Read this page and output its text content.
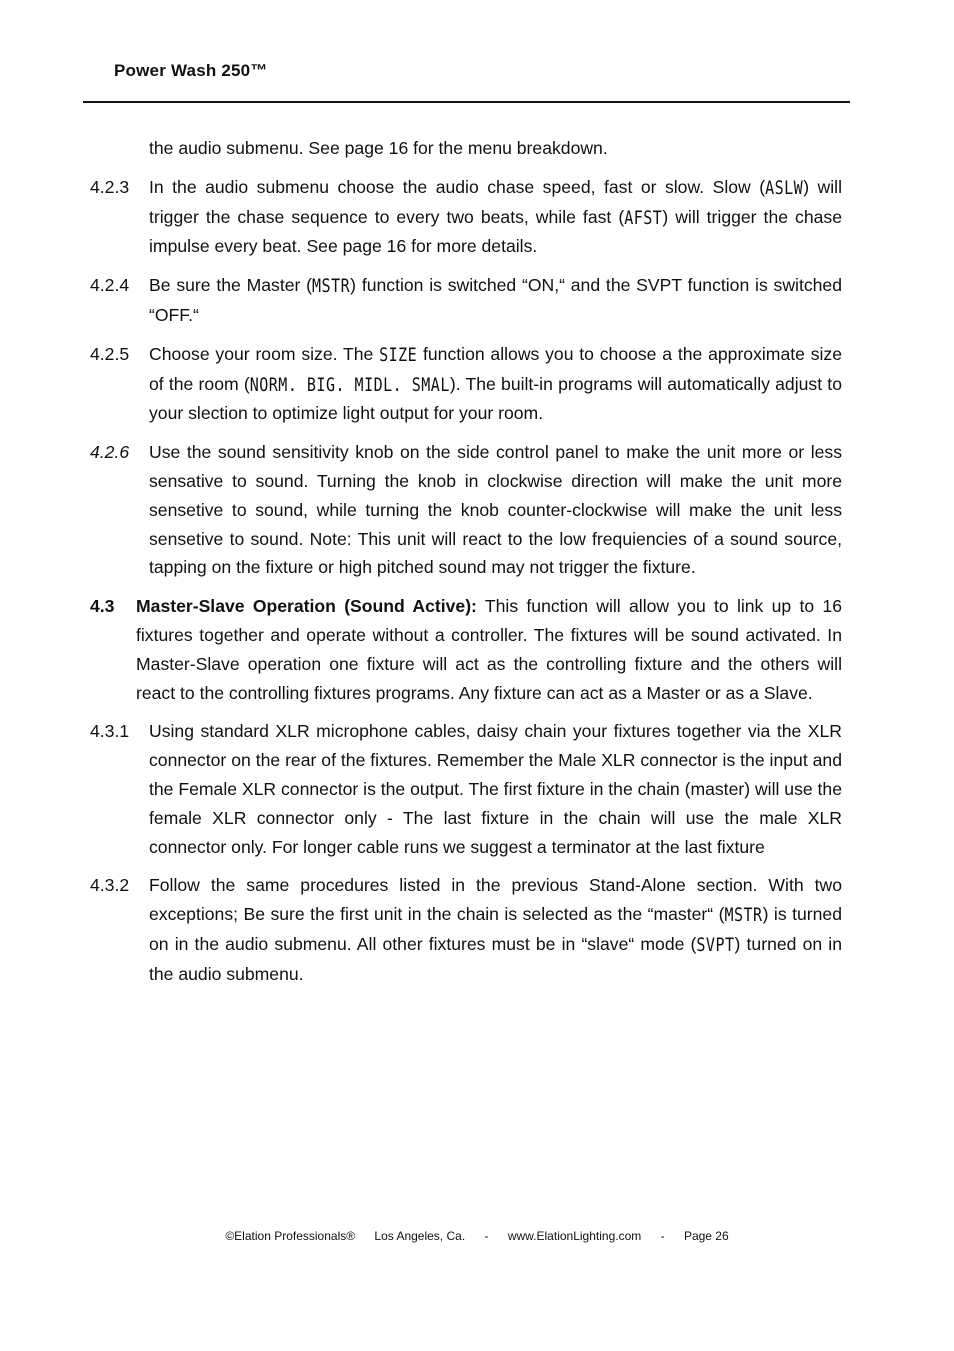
Power Wash 250™
the audio submenu. See page 16 for the menu breakdown.
4.2.3 In the audio submenu choose the audio chase speed, fast or slow. Slow (ASLW) will trigger the chase sequence to every two beats, while fast (AFST) will trigger the chase impulse every beat. See page 16 for more details.
4.2.4 Be sure the Master (MSTR) function is switched “ON,“ and the SVPT function is switched “OFF.“
4.2.5 Choose your room size. The SIZE function allows you to choose a the approximate size of the room (NORM. BIG. MIDL. SMAL). The built-in programs will automatically adjust to your slection to optimize light output for your room.
4.2.6 Use the sound sensitivity knob on the side control panel to make the unit more or less sensative to sound. Turning the knob in clockwise direction will make the unit more sensetive to sound, while turning the knob counter-clockwise will make the unit less sensetive to sound. Note: This unit will react to the low frequiencies of a sound source, tapping on the fixture or high pitched sound may not trigger the fixture.
4.3 Master-Slave Operation (Sound Active): This function will allow you to link up to 16 fixtures together and operate without a controller. The fixtures will be sound activated. In Master-Slave operation one fixture will act as the controlling fixture and the others will react to the controlling fixtures programs. Any fixture can act as a Master or as a Slave.
4.3.1 Using standard XLR microphone cables, daisy chain your fixtures together via the XLR connector on the rear of the fixtures. Remember the Male XLR connector is the input and the Female XLR connector is the output. The first fixture in the chain (master) will use the female XLR connector only - The last fixture in the chain will use the male XLR connector only. For longer cable runs we suggest a terminator at the last fixture
4.3.2 Follow the same procedures listed in the previous Stand-Alone section. With two exceptions; Be sure the first unit in the chain is selected as the “master“ (MSTR) is turned on in the audio submenu. All other fixtures must be in “slave“ mode (SVPT) turned on in the audio submenu.
©Elation Professionals® Los Angeles, Ca. - www.ElationLighting.com - Page 26
